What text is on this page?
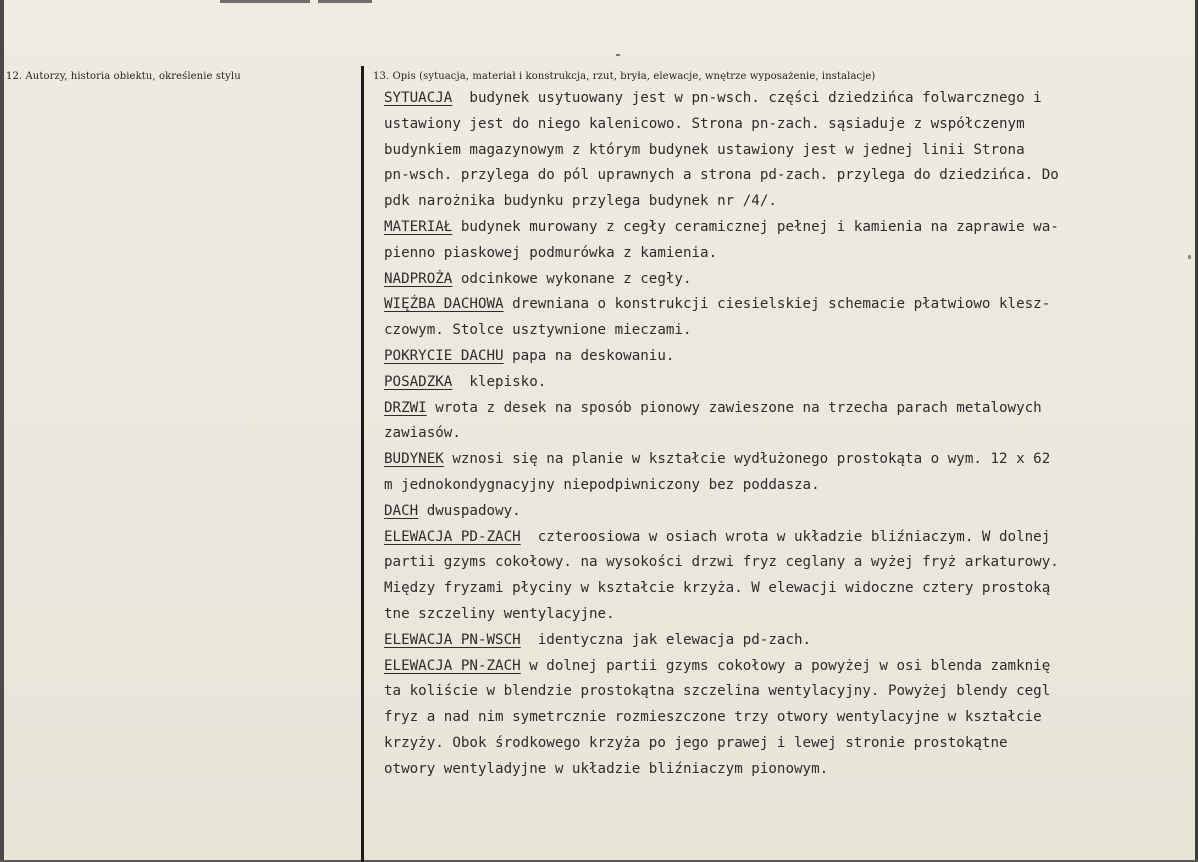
12. Autorzy, historia obiektu, określenie stylu	13. Opis (sytuacja, materiał i konstrukcja, rzut, bryła, elewacje, wnętrze wyposażenie, instalacje)
SYTUACJA  budynek usytuowany jest w pn-wsch. części dziedzińca folwarcznego i
ustawiony jest do niego kalenicowo. Strona pn-zach. sąsiaduje z współczenym
budynkiem magazynowym z którym budynek ustawiony jest w jednej linii Strona
pn-wsch. przylega do pól uprawnych a strona pd-zach. przylega do dziedzińca. Do
pdk narożnika budynku przylega budynek nr /4/.
MATERIAŁ budynek murowany z cegły ceramicznej pełnej i kamienia na zaprawie wa-
pienno piaskowej podmurówka z kamienia.
NADPROŻA odcinkowe wykonane z cegły.
WIĘŹBA DACHOWA drewniana o konstrukcji ciesielskiej schemacie płatwiowo klesz-
czowym. Stolce usztywnione mieczami.
POKRYCIE DACHU papa na deskowaniu.
POSADZKA  klepisko.
DRZWI wrota z desek na sposób pionowy zawieszone na trzecha parach metalowych
zawiasów.
BUDYNEK wznosi się na planie w kształcie wydłużonego prostokąta o wym. 12 x 62
m jednokondygnacyjny niepodpiwniczony bez poddasza.
DACH dwuspadowy.
ELEWACJA PD-ZACH  czteroosiowa w osiach wrota w układzie bliźniaczym. W dolnej
partii gzyms cokołowy. na wysokości drzwi fryz ceglany a wyżej fryż arkaturowy.
Między fryzami płyciny w kształcie krzyża. W elewacji widoczne cztery prostoką
tne szczeliny wentylacyjne.
ELEWACJA PN-WSCH  identyczna jak elewacja pd-zach.
ELEWACJA PN-ZACH w dolnej partii gzyms cokołowy a powyżej w osi blenda zamknię
ta koliście w blendzie prostokątna szczelina wentylacyjny. Powyżej blendy cegl
fryz a nad nim symetrcznie rozmieszczone trzy otwory wentylacyjne w kształcie
krzyży. Obok środkowego krzyża po jego prawej i lewej stronie prostokątne
otwory wentyladyjne w układzie bliźniaczym pionowym.
